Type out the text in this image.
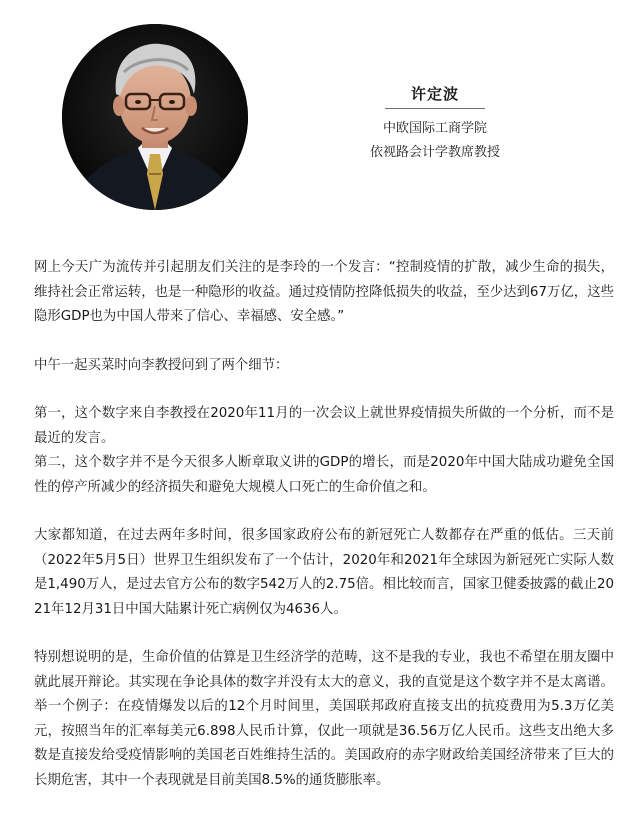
许定波
中欧国际工商学院
依视路会计学教席教授

网上今天广为流传并引起朋友们关注的是李玲的一个发言：“控制疫情的扩散，减少生命的损失，维持社会正常运转，也是一种隐形的收益。通过疫情防控降低损失的收益，至少达到67万亿，这些隐形GDP也为中国人带来了信心、幸福感、安全感。”

中午一起买菜时向李教授问到了两个细节：

第一，这个数字来自李教授在2020年11月的一次会议上就世界疫情损失所做的一个分析，而不是最近的发言。

第二，这个数字并不是今天很多人断章取义讲的GDP的增长，而是2020年中国大陆成功避免全国性的停产所减少的经济损失和避免大规模人口死亡的生命价值之和。

大家都知道，在过去两年多时间，很多国家政府公布的新冠死亡人数都存在严重的低估。三天前（2022年5月5日）世界卫生组织发布了一个估计，2020年和2021年全球因为新冠死亡实际人数是1,490万人，是过去官方公布的数字542万人的2.75倍。相比较而言，国家卫健委披露的截止2021年12月31日中国大陆累计死亡病例仅为4636人。

特别想说明的是，生命价值的估算是卫生经济学的范畴，这不是我的专业，我也不希望在朋友圈中就此展开辩论。其实现在争论具体的数字并没有太大的意义，我的直觉是这个数字并不是太离谱。举一个例子：在疫情爆发以后的12个月时间里，美国联邦政府直接支出的抗疫费用为5.3万亿美元，按照当年的汇率每美元6.898人民币计算，仅此一项就是36.56万亿人民币。这些支出绝大多数是直接发给受疫情影响的美国老百姓维持生活的。美国政府的赤字财政给美国经济带来了巨大的长期危害，其中一个表现就是目前美国8.5%的通货膨胀率。
